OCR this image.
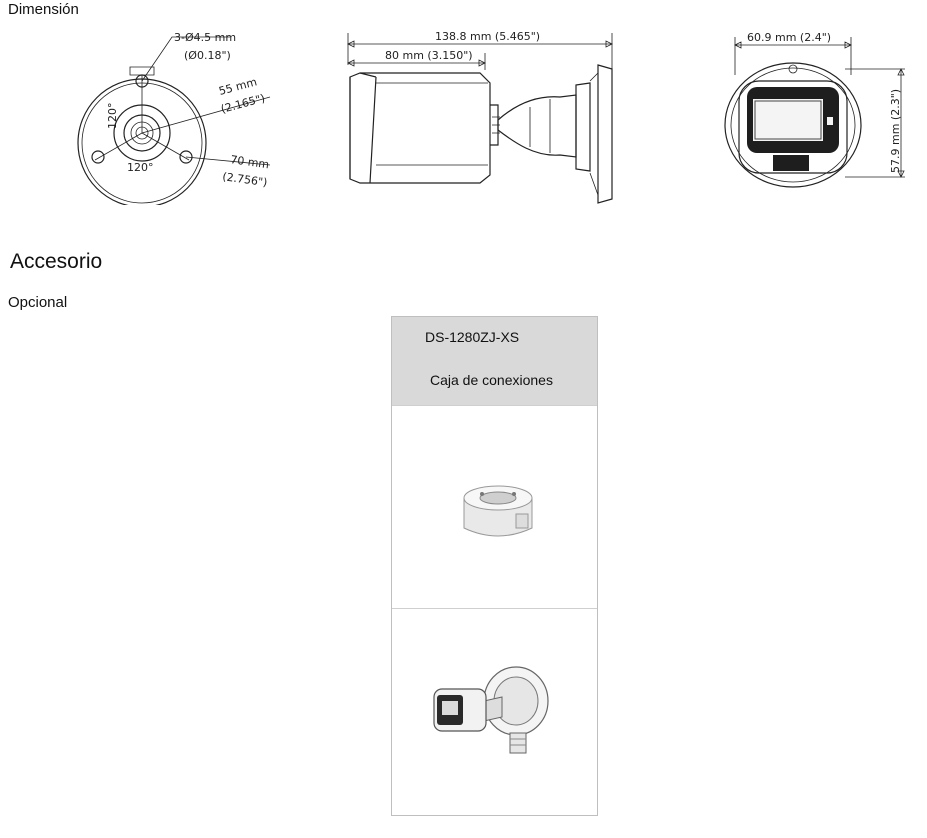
Dimensión
3-Ø4.5 mm
(Ø0.18")
55 mm
(2.165")
70 mm
(2.756")
120°
120°
138.8 mm (5.465")
80 mm (3.150")
60.9 mm (2.4")
57.9 mm (2.3")
Accesorio
Opcional
DS-1280ZJ-XS
Caja de conexiones
